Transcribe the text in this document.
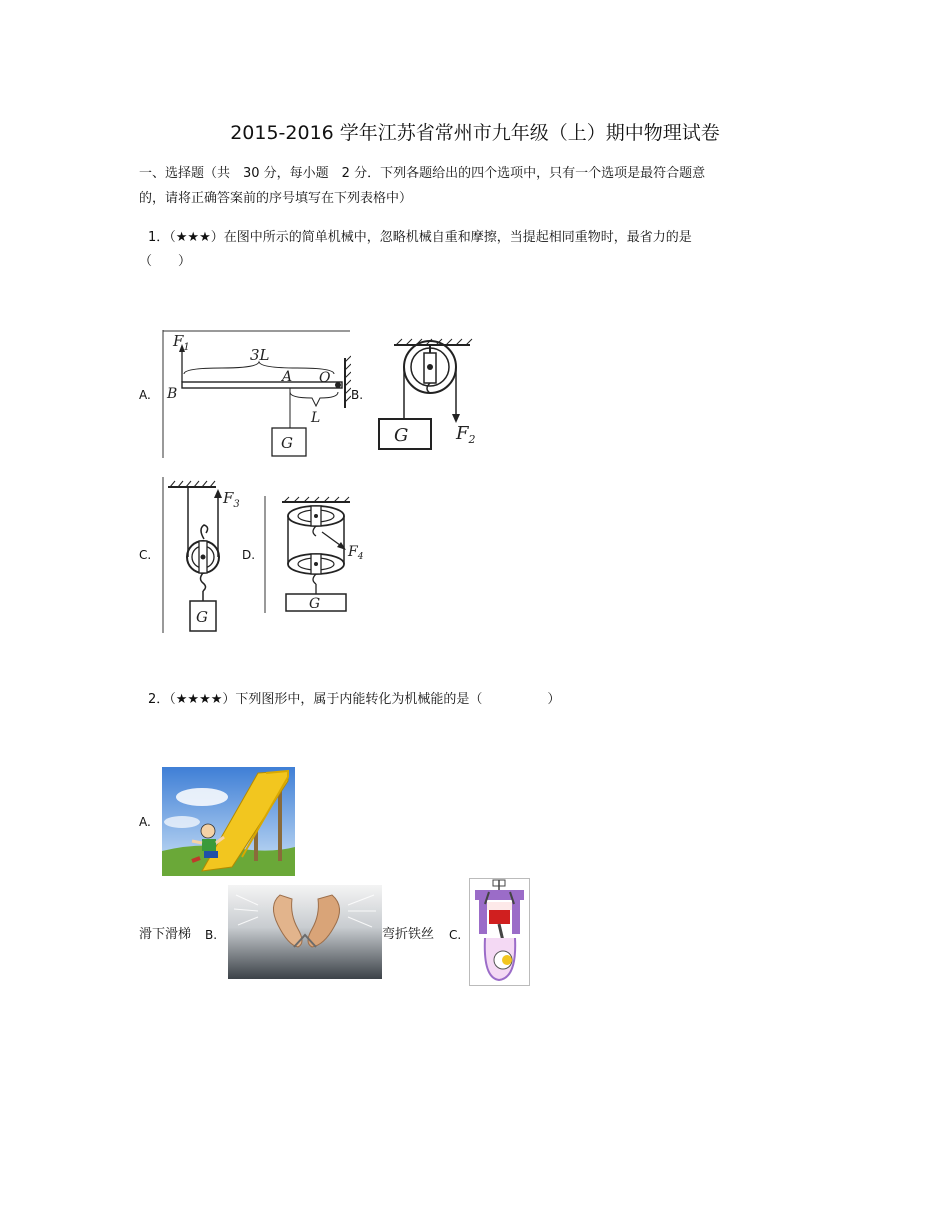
2015-2016 学年江苏省常州市九年级（上）期中物理试卷
一、选择题（共　30 分，每小题　2 分．下列各题给出的四个选项中，只有一个选项是最符合题意
的，请将正确答案前的序号填写在下列表格中）
1．（★★★）在图中所示的简单机械中，忽略机械自重和摩擦，当提起相同重物时，最省力的是
（　　）
A.
$F_1$	3L
B
A O
L
G
B.
G	$F_2$
C.
$F_3$
G
D.	$F_4$
G
2．（★★★★）下列图形中，属于内能转化为机械能的是（　　　　　）
A.
滑下滑梯 B.	弯折铁丝 C.
